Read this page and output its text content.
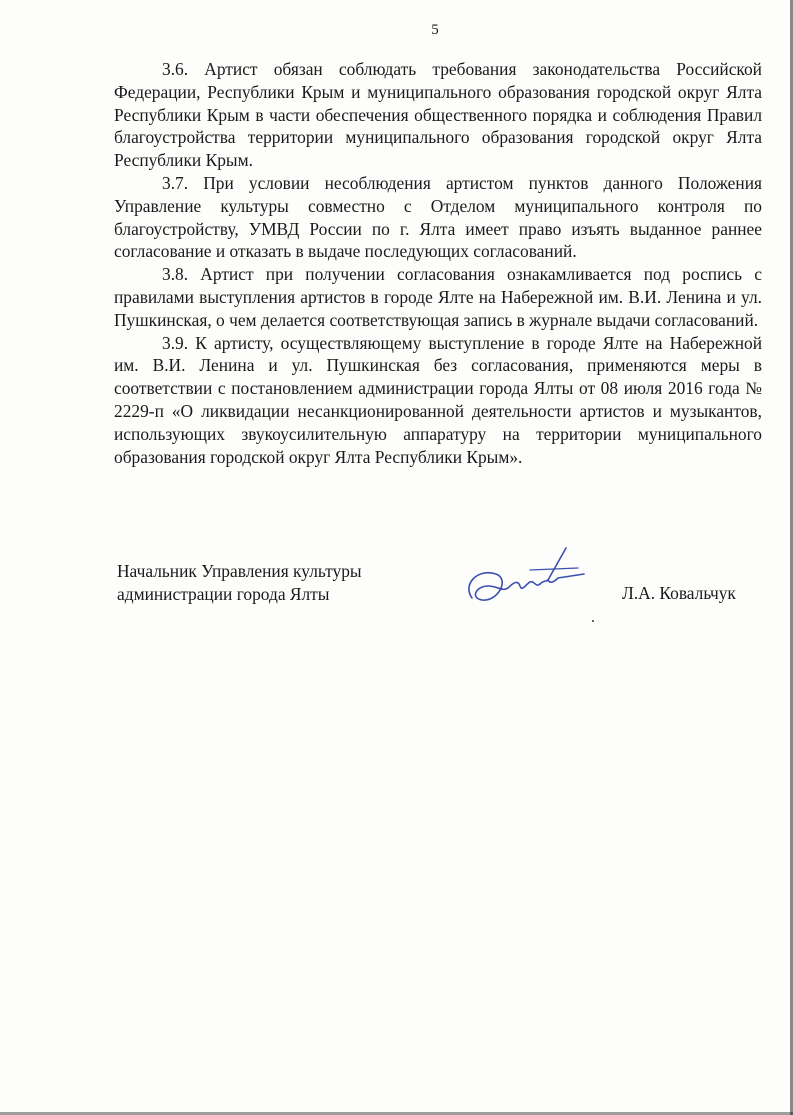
5

3.6. Артист обязан соблюдать требования законодательства Российской Федерации, Республики Крым и муниципального образования городской округ Ялта Республики Крым в части обеспечения общественного порядка и соблюдения Правил благоустройства территории муниципального образования городской округ Ялта Республики Крым.

3.7. При условии несоблюдения артистом пунктов данного Положения Управление культуры совместно с Отделом муниципального контроля по благоустройству, УМВД России по г. Ялта имеет право изъять выданное раннее согласование и отказать в выдаче последующих согласований.

3.8. Артист при получении согласования ознакамливается под роспись с правилами выступления артистов в городе Ялте на Набережной им. В.И. Ленина и ул. Пушкинская, о чем делается соответствующая запись в журнале выдачи согласований.

3.9. К артисту, осуществляющему выступление в городе Ялте на Набережной им. В.И. Ленина и ул. Пушкинская без согласования, применяются меры в соответствии с постановлением администрации города Ялты от 08 июля 2016 года № 2229-п «О ликвидации несанкционированной деятельности артистов и музыкантов, использующих звукоусилительную аппаратуру на территории муниципального образования городской округ Ялта Республики Крым».

Начальник Управления культуры
администрации города Ялты	Л.А. Ковальчук
